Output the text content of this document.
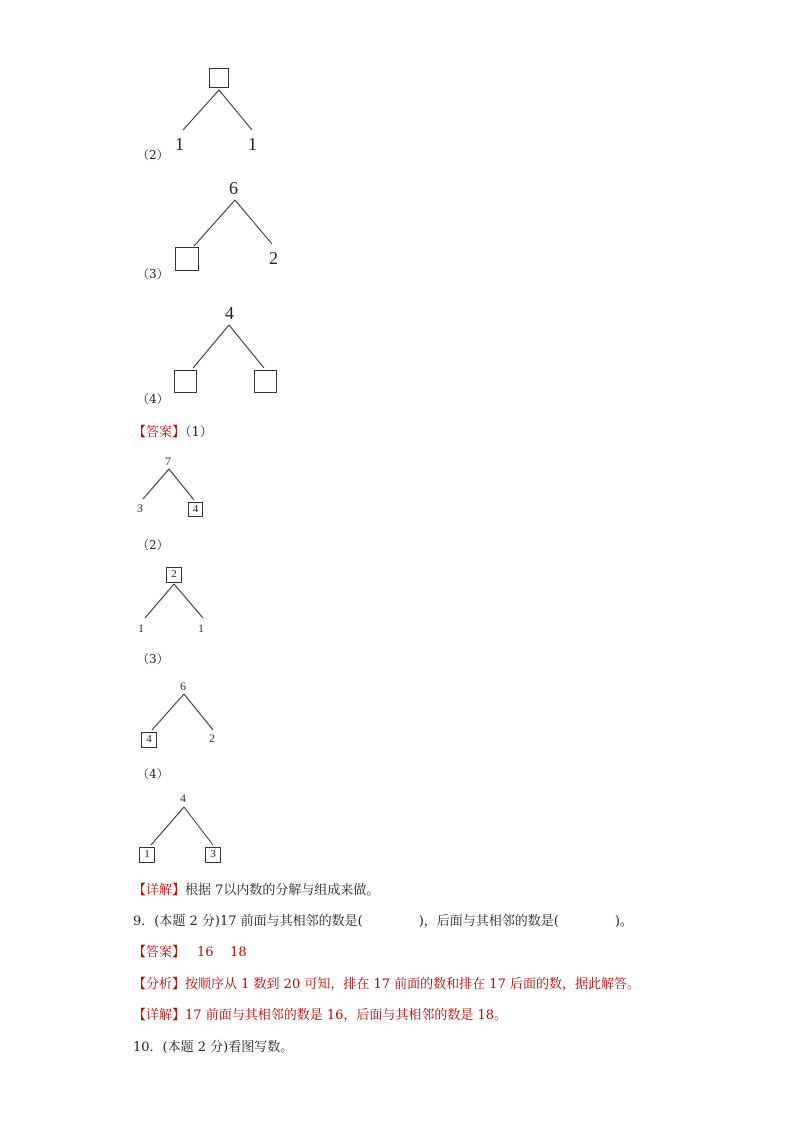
1	1
（2）
6
2
（3）
4
（4）
【答案】（1）
7
3	4
（2）
2
1	1
（3）
6
4	2
（4）
4
1	3
【详解】根据 7以内数的分解与组成来做。
9．(本题 2 分)17 前面与其相邻的数是(	)，后面与其相邻的数是(	)。
【答案】 16    18
【分析】按顺序从 1 数到 20 可知，排在 17 前面的数和排在 17 后面的数，据此解答。
【详解】17 前面与其相邻的数是 16，后面与其相邻的数是 18。
10．(本题 2 分)看图写数。
